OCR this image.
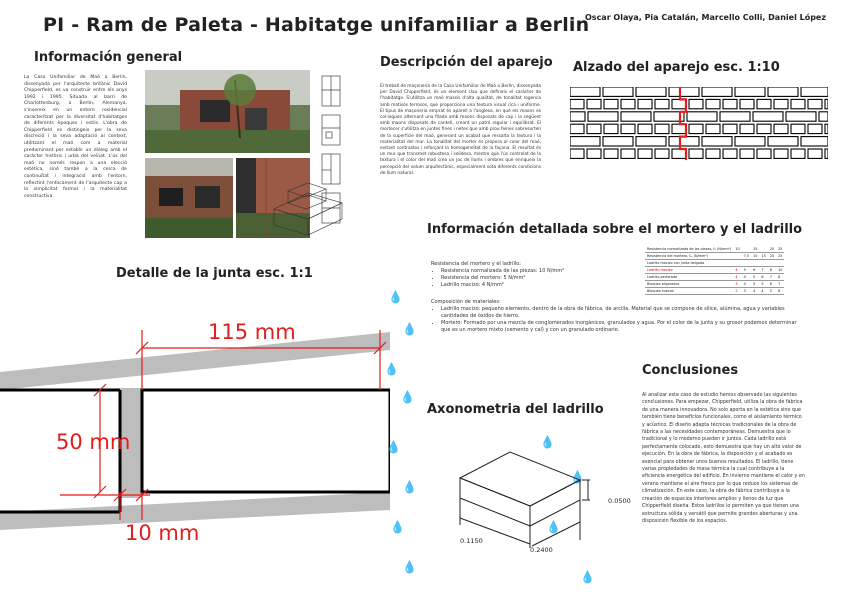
PI - Ram de Paleta - Habitatge unifamiliar a Berlin
Oscar Olaya, Pia Catalán, Marcello Colli, Daniel López
Información general
La Casa Unifamiliar de Maó a Berlín, dissenyada per l'arquitecte britànic David Chipperfield, es va construir entre els anys 1992 i 1995. Situada al barri de Charlottenburg, a Berlín, Alemanya, s'insereix en un entorn residencial caracteritzat per la diversitat d'habitatges de diferents èpoques i estils. L'obra de Chipperfield es distingeix per la seva discreció i la seva adaptació al context, utilitzant el maó com a material predominant per establir un diàleg amb el caràcter històric i urbà del veïnat. L'ús del maó no només respon a una elecció estètica, sinó també a la cerca de continuïtat i integració amb l'entorn, reflectint l'enfocament de l'arquitecte cap a la simplicitat formal i la materialitat constructiva.
Descripción del aparejo
El treball de maçoneria de la Casa Unifamiliar de Maó a Berlín, dissenyada per David Chipperfield, és un element clau que defineix el caràcter de l'habitatge. S'utilitza un maó massís d'alta qualitat, de tonalitat rogenca amb matisos terrosos, que proporciona una textura visual rica i uniforme. El tipus de maçoneria emprat és aparell a l'anglesa, en què els maons es col·loquen alternant una filada amb maons disposats de cap i la següent amb maons disposats de cantell, creant un patró regular i equilibrat. El mortecer s'utilitza en juntes fines i netes que amb prou feines sobresurten de la superfície del maó, generant un acabat que ressalta la textura i la materialitat del mur. La tonalitat del morter és propera al color del maó, evitant contrastos i reforçant la homogeneïtat de la façana. El resultat és un mur que transmet robustesa i solidesa, mentre que l'ús controlat de la textura i el color del maó crea un joc de llums i ombres que enriqueix la percepció del volum arquitectònic, especialment sota diferents condicions de llum natural.
Alzado del aparejo esc. 1:10
Información detallada sobre el mortero y el ladrillo
Resistencia del mortero y el ladrillo:
• Resistencia normalizada de las piezas: 10 N/mm²
• Resistencia del mortero: 5 N/mm²
• Ladrillo macizo: 4 N/mm²
Composición de materiales:
• Ladrillo macizo: pequeño elemento, dentro de la obra de fábrica, de arcilla. Material que se compone de sílice, alúmina, agua y variables cantidades de óxidos de hierro.
• Mortero: Formado por una mezcla de conglomerados inorgánicos, granulados y agua. Por el color de la junta y su grosor podemos determinar que es un mortero mixto (cemento y cal) y con un granulado ordinario.
Resistencia normalizada de las piezas, f₀ (N/mm²)	10		15		20	25
Resistencia del mortero, fₘ (N/mm²)		7,5	10	15	20	25
Ladrillo macizo con junta delgada						
Ladrillo macizo	4	5	6	7	8	10
Ladrillo perforado	4	4	5	6	7	8
Bloques aligerados	3	4	5	5	6	7
Bloques huecos	2	3	4	4	5	6
Detalle de la junta esc. 1:1
115 mm
50 mm
10 mm
💧
💧
💧
💧
💧
💧
💧
💧
💧
💧
💧
💧
Axonometria del ladrillo
0.0500
0.1150
0.2400
Conclusiones
Al analizar este caso de estudio hemos observado las siguientes conclusiones. Para empezar, Chipperfield, utiliza la obra de fábrica de una manera innovadora. No solo aporta en la estética sino que también tiene beneficios funcionales, como el aislamiento térmico y acústico. El diseño adapta técnicas tradicionales de la obra de fábrica a las necesidades contemporáneas. Demuestra que lo tradicional y lo moderno pueden ir juntos. Cada ladrillo está perfectamente colocado, esto demuestra que hay un alto valor de ejecución. En la obra de fábrica, la disposición y el acabado es esencial para obtener unos buenos resultados. El ladrillo, tiene varias propiedades de masa térmica la cual contribuye a la eficiencia energética del edificio. En invierno mantiene el calor y en verano mantiene el aire fresco por lo que reduce los sistemas de climatización. En este caso, la obra de fábrica contribuye a la creación de espacios interiores amplios y llenos de luz que Chipperfield diseña. Estos ladrillos lo permiten ya que tienen una estructura sólida y versátil que permite grandes aberturas y una disposición flexible de los espacios.
